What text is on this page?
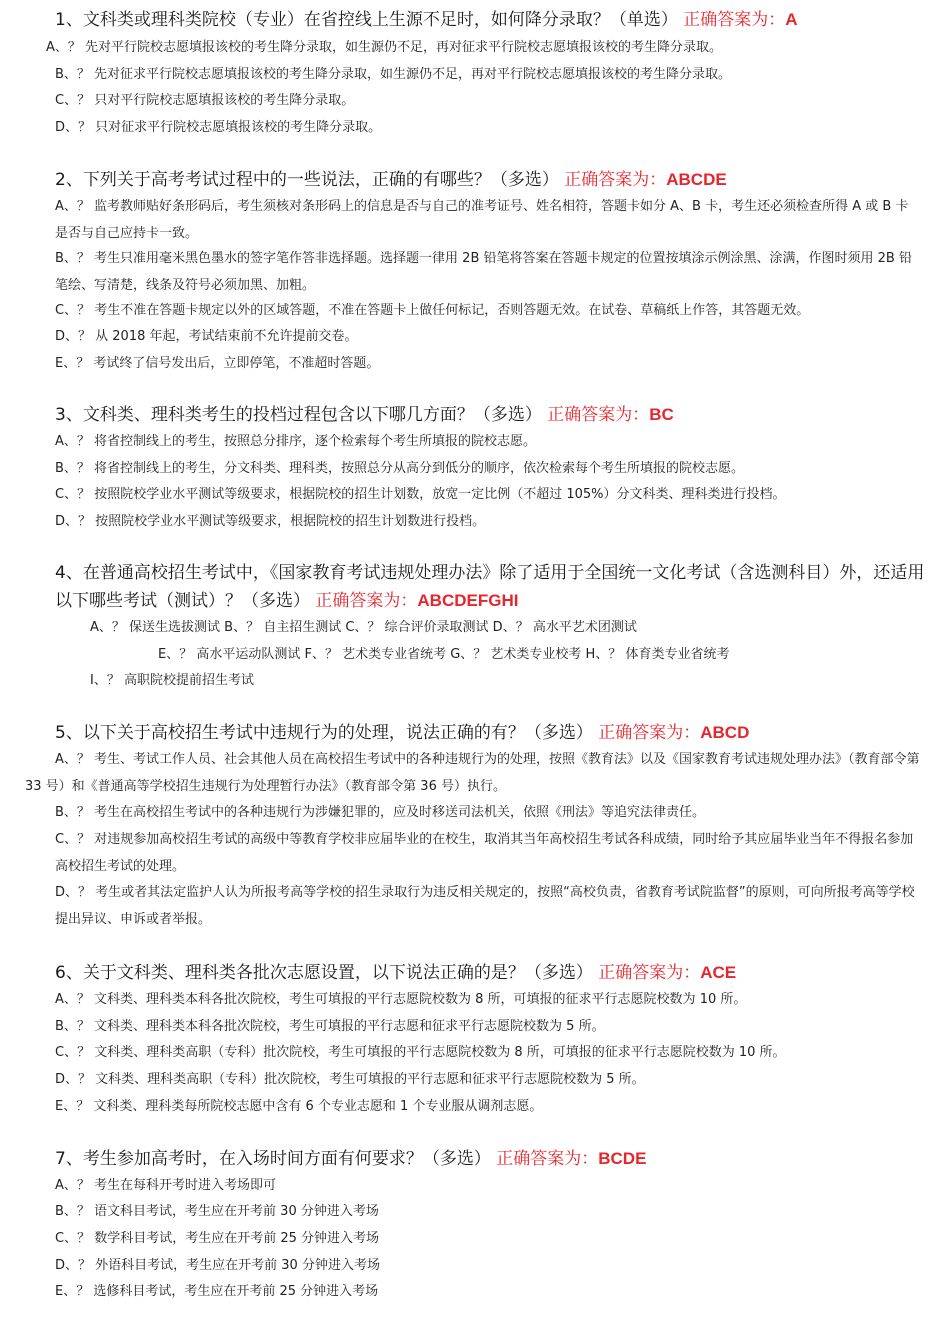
1、文科类或理科类院校（专业）在省控线上生源不足时，如何降分录取？（单选） 正确答案为：A
A、？ 先对平行院校志愿填报该校的考生降分录取，如生源仍不足，再对征求平行院校志愿填报该校的考生降分录取。
B、？ 先对征求平行院校志愿填报该校的考生降分录取，如生源仍不足，再对平行院校志愿填报该校的考生降分录取。
C、？ 只对平行院校志愿填报该校的考生降分录取。
D、？ 只对征求平行院校志愿填报该校的考生降分录取。
2、下列关于高考考试过程中的一些说法，正确的有哪些？（多选） 正确答案为：ABCDE
A、？ 监考教师贴好条形码后，考生须核对条形码上的信息是否与自己的准考证号、姓名相符，答题卡如分 A、B 卡，考生还必须检查所得 A 或 B 卡是否与自己应持卡一致。
B、？ 考生只准用毫米黑色墨水的签字笔作答非选择题。选择题一律用 2B 铅笔将答案在答题卡规定的位置按填涂示例涂黑、涂满，作图时须用 2B 铅笔绘、写清楚，线条及符号必须加黑、加粗。
C、？ 考生不准在答题卡规定以外的区域答题，不准在答题卡上做任何标记，否则答题无效。在试卷、草稿纸上作答，其答题无效。
D、？ 从 2018 年起，考试结束前不允许提前交卷。
E、？ 考试终了信号发出后，立即停笔，不准超时答题。
3、文科类、理科类考生的投档过程包含以下哪几方面？（多选） 正确答案为：BC
A、？ 将省控制线上的考生，按照总分排序，逐个检索每个考生所填报的院校志愿。
B、？ 将省控制线上的考生，分文科类、理科类，按照总分从高分到低分的顺序，依次检索每个考生所填报的院校志愿。
C、？ 按照院校学业水平测试等级要求，根据院校的招生计划数，放宽一定比例（不超过 105%）分文科类、理科类进行投档。
D、？ 按照院校学业水平测试等级要求，根据院校的招生计划数进行投档。
4、在普通高校招生考试中，《国家教育考试违规处理办法》除了适用于全国统一文化考试（含选测科目）外，还适用以下哪些考试（测试）？（多选） 正确答案为：ABCDEFGHI
A、？ 保送生选拔测试 B、？ 自主招生测试 C、？ 综合评价录取测试 D、？ 高水平艺术团测试
E、？ 高水平运动队测试 F、？ 艺术类专业省统考 G、？ 艺术类专业校考 H、？ 体育类专业省统考
I、？ 高职院校提前招生考试
5、以下关于高校招生考试中违规行为的处理，说法正确的有？（多选） 正确答案为：ABCD
A、？ 考生、考试工作人员、社会其他人员在高校招生考试中的各种违规行为的处理，按照《教育法》以及《国家教育考试违规处理办法》（教育部令第 33 号）和《普通高等学校招生违规行为处理暂行办法》（教育部令第 36 号）执行。
B、？ 考生在高校招生考试中的各种违规行为涉嫌犯罪的，应及时移送司法机关，依照《刑法》等追究法律责任。
C、？ 对违规参加高校招生考试的高级中等教育学校非应届毕业的在校生，取消其当年高校招生考试各科成绩，同时给予其应届毕业当年不得报名参加高校招生考试的处理。
D、？ 考生或者其法定监护人认为所报考高等学校的招生录取行为违反相关规定的，按照“高校负责，省教育考试院监督”的原则，可向所报考高等学校提出异议、申诉或者举报。
6、关于文科类、理科类各批次志愿设置，以下说法正确的是？（多选） 正确答案为：ACE
A、？ 文科类、理科类本科各批次院校，考生可填报的平行志愿院校数为 8 所，可填报的征求平行志愿院校数为 10 所。
B、？ 文科类、理科类本科各批次院校，考生可填报的平行志愿和征求平行志愿院校数为 5 所。
C、？ 文科类、理科类高职（专科）批次院校，考生可填报的平行志愿院校数为 8 所，可填报的征求平行志愿院校数为 10 所。
D、？ 文科类、理科类高职（专科）批次院校，考生可填报的平行志愿和征求平行志愿院校数为 5 所。
E、？ 文科类、理科类每所院校志愿中含有 6 个专业志愿和 1 个专业服从调剂志愿。
7、考生参加高考时，在入场时间方面有何要求？（多选） 正确答案为：BCDE
A、？ 考生在每科开考时进入考场即可
B、？ 语文科目考试，考生应在开考前 30 分钟进入考场
C、？ 数学科目考试，考生应在开考前 25 分钟进入考场
D、？ 外语科目考试，考生应在开考前 30 分钟进入考场
E、？ 选修科目考试，考生应在开考前 25 分钟进入考场
